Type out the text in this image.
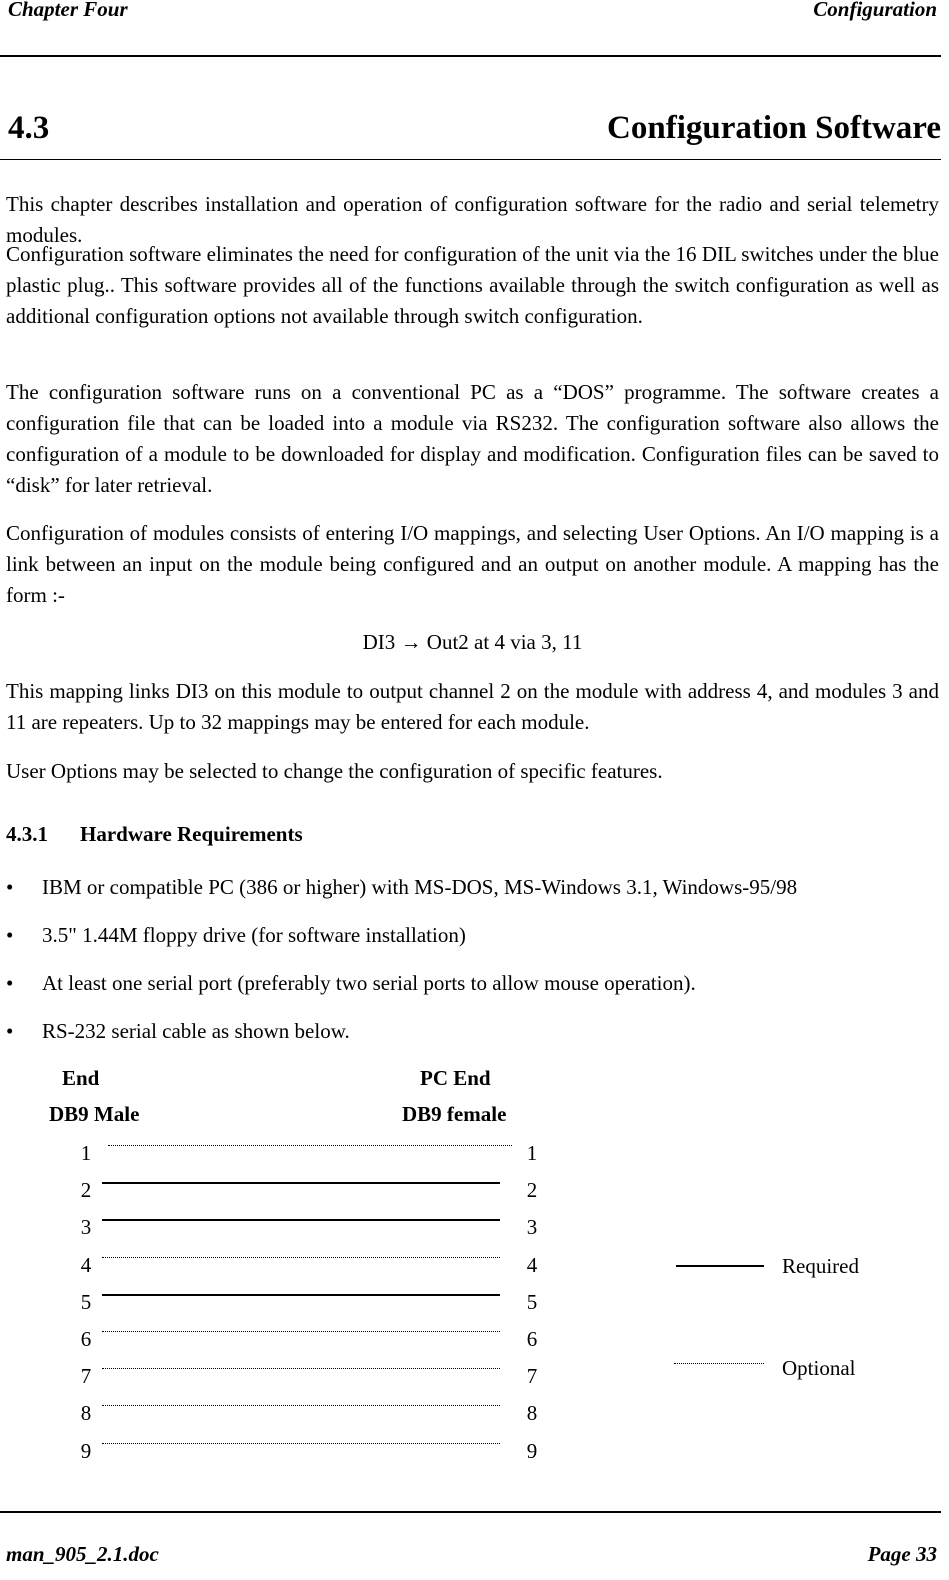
Chapter Four	Configuration
4.3	Configuration Software
This chapter describes installation and operation of configuration software for the radio and serial telemetry modules.
Configuration software eliminates the need for configuration of the unit via the 16 DIL switches under the blue plastic plug.. This software provides all of the functions available through the switch configuration as well as additional configuration options not available through switch configuration.
The configuration software runs on a conventional PC as a “DOS” programme. The software creates a configuration file that can be loaded into a module via RS232. The configuration software also allows the configuration of a module to be downloaded for display and modification. Configuration files can be saved to “disk” for later retrieval.
Configuration of modules consists of entering I/O mappings, and selecting User Options. An I/O mapping is a link between an input on the module being configured and an output on another module. A mapping has the form :-
DI3 → Out2 at 4 via 3, 11
This mapping links DI3 on this module to output channel 2 on the module with address 4, and modules 3 and 11 are repeaters. Up to 32 mappings may be entered for each module.
User Options may be selected to change the configuration of specific features.
4.3.1 Hardware Requirements
• IBM or compatible PC (386 or higher) with MS-DOS, MS-Windows 3.1, Windows-95/98
• 3.5" 1.44M floppy drive (for software installation)
• At least one serial port (preferably two serial ports to allow mouse operation).
• RS-232 serial cable as shown below.
End
DB9 Male
PC End
DB9 female
1	1
2	2
3	3
4	4
5	5
6	6
7	7
8	8
9	9
Required
Optional
man_905_2.1.doc	Page 33
